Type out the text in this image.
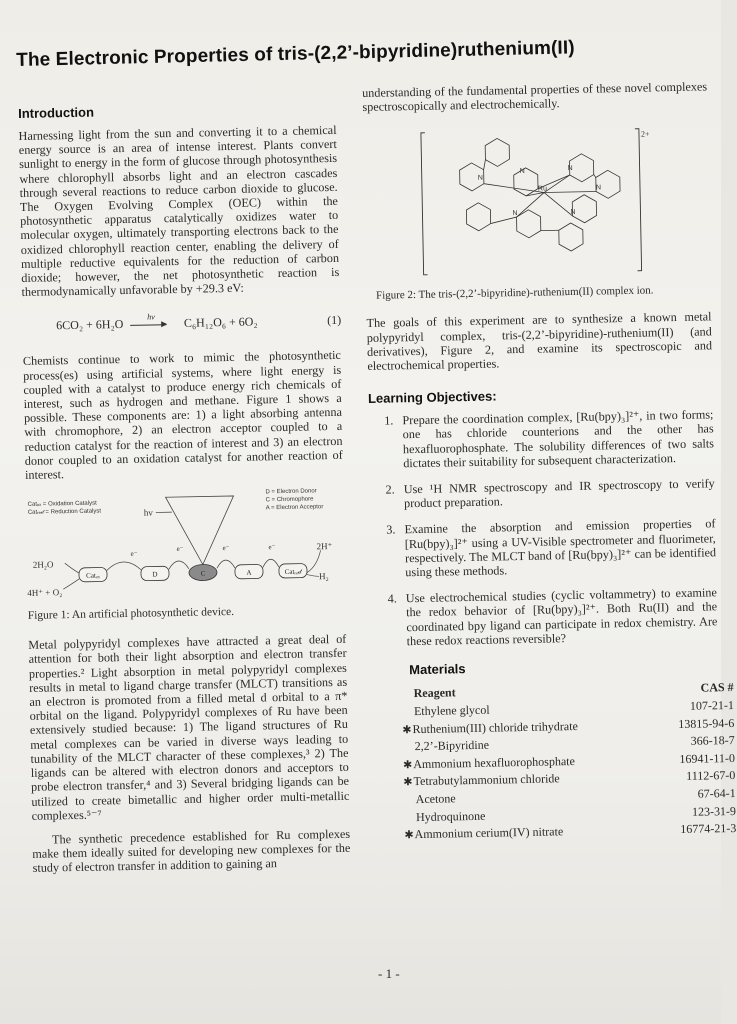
The Electronic Properties of tris-(2,2’-bipyridine)ruthenium(II)
Introduction

Harnessing light from the sun and converting it to a chemical energy source is an area of intense interest. Plants convert sunlight to energy in the form of glucose through photosynthesis where chlorophyll absorbs light and an electron cascades through several reactions to reduce carbon dioxide to glucose. The Oxygen Evolving Complex (OEC) within the photosynthetic apparatus catalytically oxidizes water to molecular oxygen, ultimately transporting electrons back to the oxidized chlorophyll reaction center, enabling the delivery of multiple reductive equivalents for the reduction of carbon dioxide; however, the net photosynthetic reaction is thermodynamically unfavorable by +29.3 eV:

6CO₂ + 6H₂O  $^{h\nu}$ C₆H₁₂O₆ + 6O₂	(1)

Chemists continue to work to mimic the photosynthetic process(es) using artificial systems, where light energy is coupled with a catalyst to produce energy rich chemicals of interest, such as hydrogen and methane. Figure 1 shows a possible. These components are: 1) a light absorbing antenna with chromophore, 2) an electron acceptor coupled to a reduction catalyst for the reaction of interest and 3) an electron donor coupled to an oxidation catalyst for another reaction of interest.

Catₒₓ = Oxidation Catalyst
Catᵣₑ𝒹 = Reduction Catalyst
D = Electron Donor
C = Chromophore
A = Electron Acceptor
hv
2H₂O
4H⁺ + O₂
2H⁺
H₂
Catₒₓ	D	C	A	Catᵣₑ𝒹
e⁻
e⁻	e⁻	e⁻
Figure 1: An artificial photosynthetic device.

Metal polypyridyl complexes have attracted a great deal of attention for both their light absorption and electron transfer properties.² Light absorption in metal polypyridyl complexes results in metal to ligand charge transfer (MLCT) transitions as an electron is promoted from a filled metal d orbital to a π* orbital on the ligand. Polypyridyl complexes of Ru have been extensively studied because: 1) The ligand structures of Ru metal complexes can be varied in diverse ways leading to tunability of the MLCT character of these complexes,³ 2) The ligands can be altered with electron donors and acceptors to probe electron transfer,⁴ and 3) Several bridging ligands can be utilized to create bimetallic and higher order multi-metallic complexes.⁵⁻⁷

The synthetic precedence established for Ru complexes make them ideally suited for developing new complexes for the study of electron transfer in addition to gaining an

understanding of the fundamental properties of these novel complexes spectroscopically and electrochemically.

2+
Ru
N
N	N
N
N	N
Figure 2: The tris-(2,2’-bipyridine)-ruthenium(II) complex ion.

The goals of this experiment are to synthesize a known metal polypyridyl complex, tris-(2,2’-bipyridine)-ruthenium(II) (and derivatives), Figure 2, and examine its spectroscopic and electrochemical properties.

Learning Objectives:
1. Prepare the coordination complex, [Ru(bpy)₃]²⁺, in two forms; one has chloride counterions and the other has hexafluorophosphate. The solubility differences of two salts dictates their suitability for subsequent characterization.
2. Use ¹H NMR spectroscopy and IR spectroscopy to verify product preparation.
3. Examine the absorption and emission properties of [Ru(bpy)₃]²⁺ using a UV-Visible spectrometer and fluorimeter, respectively. The MLCT band of [Ru(bpy)₃]²⁺ can be identified using these methods.
4. Use electrochemical studies (cyclic voltammetry) to examine the redox behavior of [Ru(bpy)₃]²⁺. Both Ru(II) and the coordinated bpy ligand can participate in redox chemistry. Are these redox reactions reversible?
Materials
Reagent	CAS #
Ethylene glycol	107-21-1
✱Ruthenium(III) chloride trihydrate	13815-94-6
2,2’-Bipyridine	366-18-7
✱Ammonium hexafluorophosphate	16941-11-0
✱Tetrabutylammonium chloride	1112-67-0
Acetone	67-64-1
Hydroquinone	123-31-9
✱Ammonium cerium(IV) nitrate	16774-21-3
- 1 -
